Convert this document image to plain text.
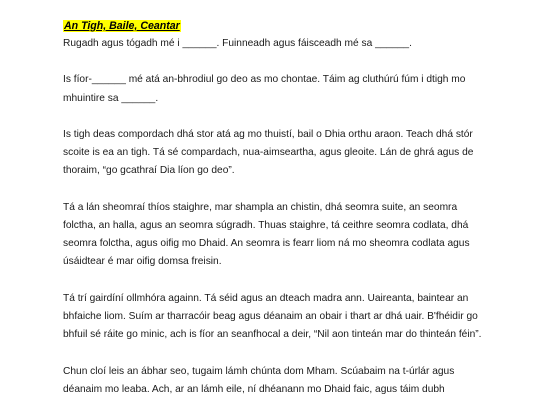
An Tigh, Baile, Ceantar

Rugadh agus tógadh mé i ______. Fuinneadh agus fáisceadh mé sa ______.

Is fíor-______ mé atá an-bhrodiul go deo as mo chontae. Táim ag cluthúrú fúm i dtigh mo mhuintire sa ______.

Is tigh deas compordach dhá stor atá ag mo thuistí, bail o Dhia orthu araon. Teach dhá stór scoite is ea an tigh. Tá sé compardach, nua-aimseartha, agus gleoite. Lán de ghrá agus de thoraim, “go gcathraí Dia líon go deo”.

Tá a lán sheomraí thíos staighre, mar shampla an chistin, dhá seomra suite, an seomra folctha, an halla, agus an seomra súgradh. Thuas staighre, tá ceithre seomra codlata, dhá seomra folctha, agus oifig mo Dhaid. An seomra is fearr liom ná mo sheomra codlata agus úsáidtear é mar oifig domsa freisin.

Tá trí gairdíní ollmhóra againn. Tá séid agus an dteach madra ann. Uaireanta, baintear an bhfaiche liom. Suím ar tharracóir beag agus déanaim an obair i thart ar dhá uair. B'fhéidir go bhfuil sé ráite go minic, ach is fíor an seanfhocal a deir, “Nil aon tinteán mar do thinteán féin”.

Chun cloí leis an ábhar seo, tugaim lámh chúnta dom Mham. Scúabaim na t-úrlár agus déanaim mo leaba. Ach, ar an lámh eile, ní dhéanann mo Dhaid faic, agus táim dubh
